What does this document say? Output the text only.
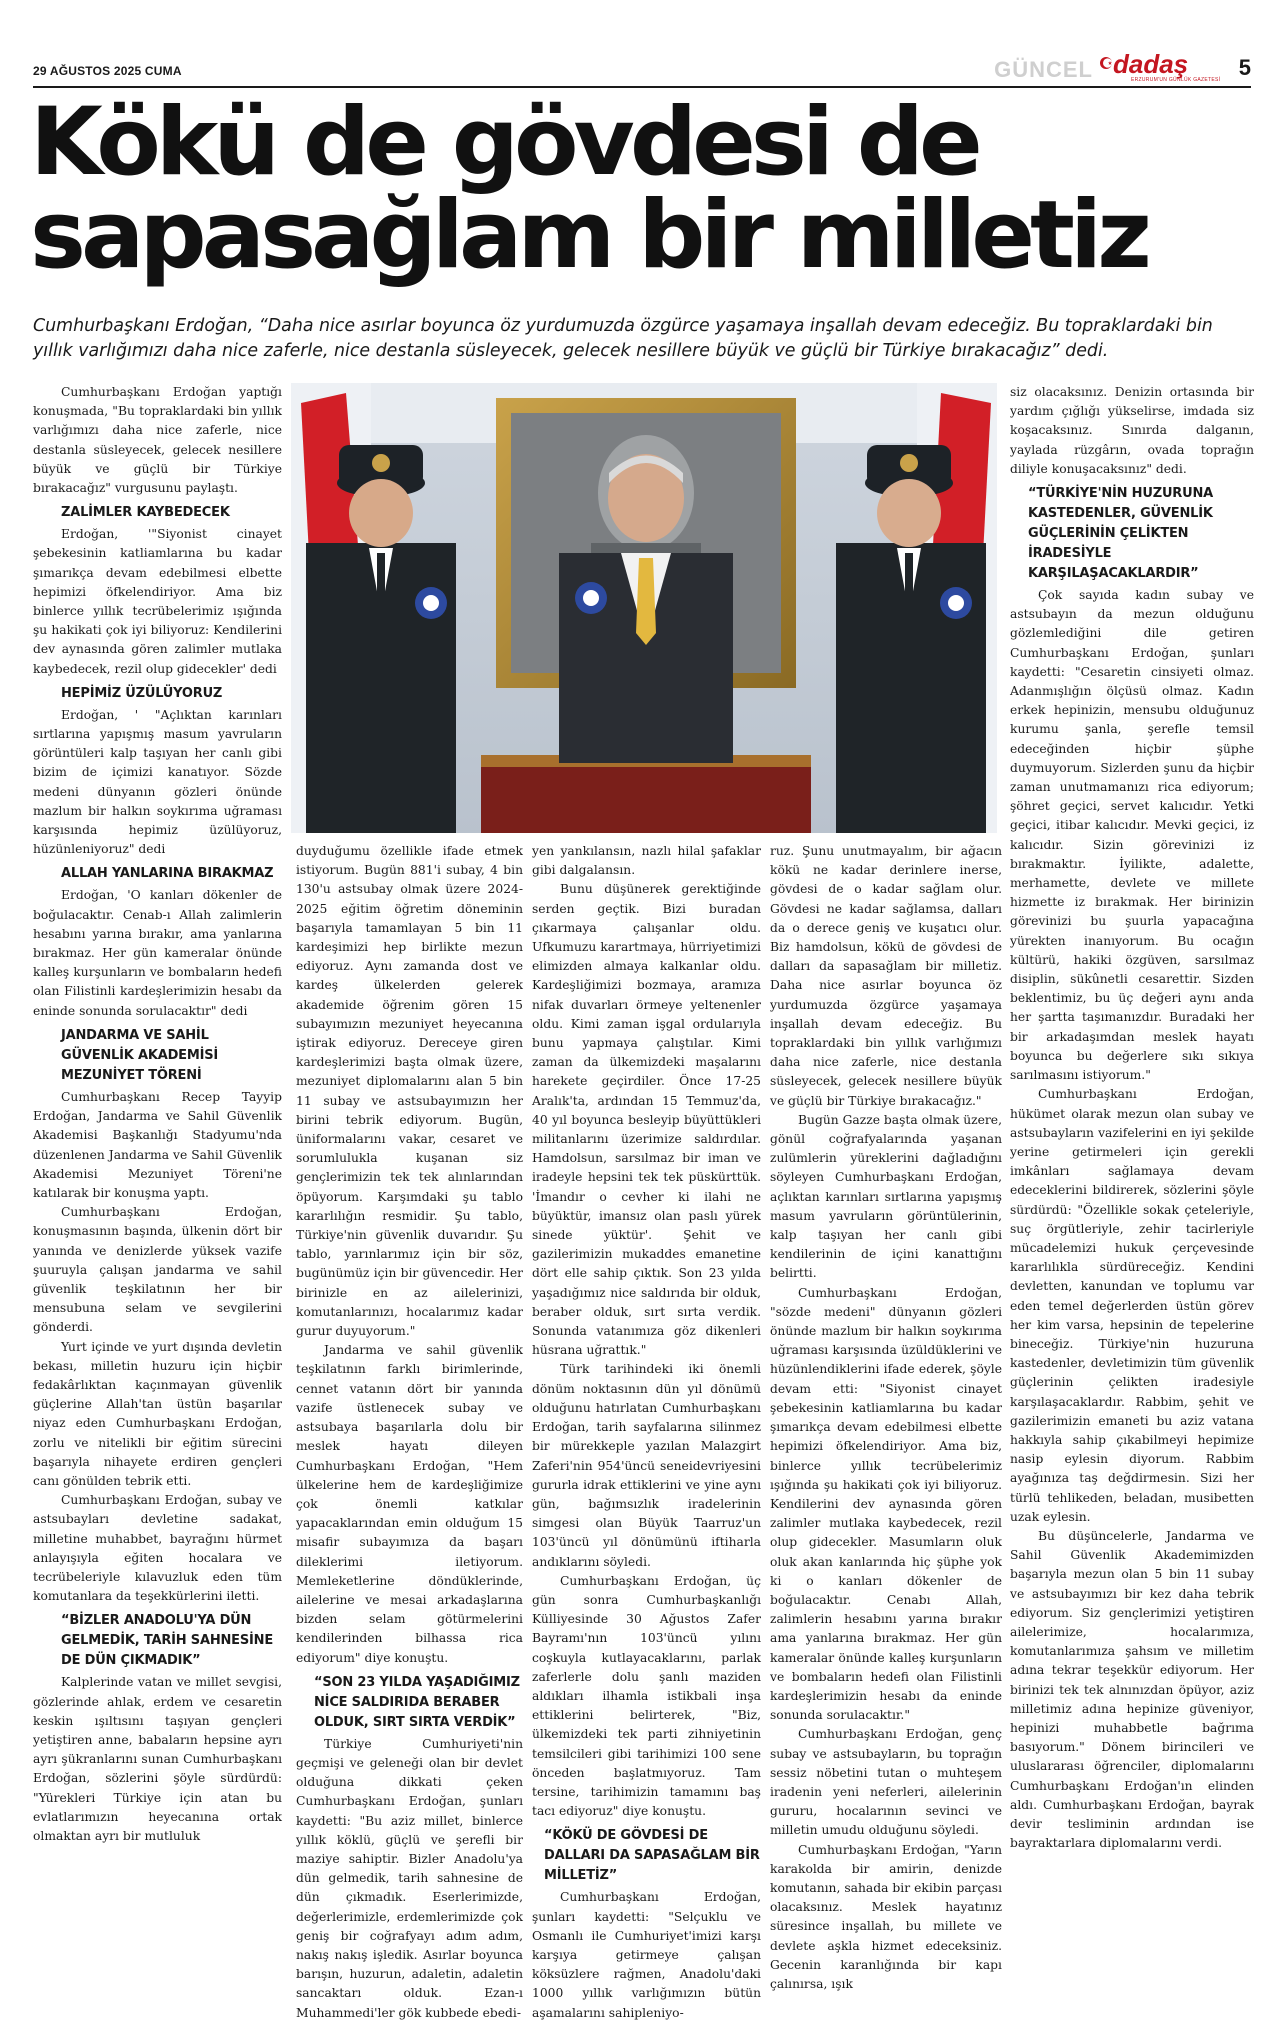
29 AĞUSTOS 2025 CUMA	GÜNCEL dadaş
ERZURUM'UN GÜNLÜK GAZETESİ 5
Kökü de gövdesi de
sapasağlam bir milletiz
Cumhurbaşkanı Erdoğan, “Daha nice asırlar boyunca öz yurdumuzda özgürce yaşamaya inşallah devam edeceğiz. Bu topraklardaki bin yıllık varlığımızı daha nice zaferle, nice destanla süsleyecek, gelecek nesillere büyük ve güçlü bir Türkiye bırakacağız” dedi.

Cumhurbaşkanı Erdoğan yaptığı konuşmada, "Bu topraklardaki bin yıllık varlığımızı daha nice zaferle, nice destanla süsleyecek, gelecek nesillere büyük ve güçlü bir Türkiye bırakacağız" vurgusunu paylaştı.

ZALİMLER KAYBEDECEK

Erdoğan, '"Siyonist cinayet şebekesinin katliamlarına bu kadar şımarıkça devam edebilmesi elbette hepimizi öfkelendiriyor. Ama biz binlerce yıllık tecrübelerimiz ışığında şu hakikati çok iyi biliyoruz: Kendilerini dev aynasında gören zalimler mutlaka kaybedecek, rezil olup gidecekler' dedi

HEPİMİZ ÜZÜLÜYORUZ

Erdoğan, ' "Açlıktan karınları sırtlarına yapışmış masum yavruların görüntüleri kalp taşıyan her canlı gibi bizim de içimizi kanatıyor. Sözde medeni dünyanın gözleri önünde mazlum bir halkın soykırıma uğraması karşısında hepimiz üzülüyoruz, hüzünleniyoruz" dedi

ALLAH YANLARINA BIRAKMAZ

Erdoğan, 'O kanları dökenler de boğulacaktır. Cenab-ı Allah zalimlerin hesabını yarına bırakır, ama yanlarına bırakmaz. Her gün kameralar önünde kalleş kurşunların ve bombaların hedefi olan Filistinli kardeşlerimizin hesabı da eninde sonunda sorulacaktır" dedi

JANDARMA VE SAHİL GÜVENLİK AKADEMİSİ MEZUNİYET TÖRENİ

Cumhurbaşkanı Recep Tayyip Erdoğan, Jandarma ve Sahil Güvenlik Akademisi Başkanlığı Stadyumu'nda düzenlenen Jandarma ve Sahil Güvenlik Akademisi Mezuniyet Töreni'ne katılarak bir konuşma yaptı.

Cumhurbaşkanı Erdoğan, konuşmasının başında, ülkenin dört bir yanında ve denizlerde yüksek vazife şuuruyla çalışan jandarma ve sahil güvenlik teşkilatının her bir mensubuna selam ve sevgilerini gönderdi.

Yurt içinde ve yurt dışında devletin bekası, milletin huzuru için hiçbir fedakârlıktan kaçınmayan güvenlik güçlerine Allah'tan üstün başarılar niyaz eden Cumhurbaşkanı Erdoğan, zorlu ve nitelikli bir eğitim sürecini başarıyla nihayete erdiren gençleri canı gönülden tebrik etti.

Cumhurbaşkanı Erdoğan, subay ve astsubayları devletine sadakat, milletine muhabbet, bayrağını hürmet anlayışıyla eğiten hocalara ve tecrübeleriyle kılavuzluk eden tüm komutanlara da teşekkürlerini iletti.

“BİZLER ANADOLU'YA DÜN GELMEDİK, TARİH SAHNESİNE DE DÜN ÇIKMADIK”

Kalplerinde vatan ve millet sevgisi, gözlerinde ahlak, erdem ve cesaretin keskin ışıltısını taşıyan gençleri yetiştiren anne, babaların hepsine ayrı ayrı şükranlarını sunan Cumhurbaşkanı Erdoğan, sözlerini şöyle sürdürdü: "Yürekleri Türkiye için atan bu evlatlarımızın heyecanına ortak olmaktan ayrı bir mutluluk

duyduğumu özellikle ifade etmek istiyorum. Bugün 881'i subay, 4 bin 130'u astsubay olmak üzere 2024-2025 eğitim öğretim döneminin başarıyla tamamlayan 5 bin 11 kardeşimizi hep birlikte mezun ediyoruz. Aynı zamanda dost ve kardeş ülkelerden gelerek akademide öğrenim gören 15 subayımızın mezuniyet heyecanına iştirak ediyoruz. Dereceye giren kardeşlerimizi başta olmak üzere, mezuniyet diplomalarını alan 5 bin 11 subay ve astsubayımızın her birini tebrik ediyorum. Bugün, üniformalarını vakar, cesaret ve sorumlulukla kuşanan siz gençlerimizin tek tek alınlarından öpüyorum. Karşımdaki şu tablo kararlılığın resmidir. Şu tablo, Türkiye'nin güvenlik duvarıdır. Şu tablo, yarınlarımız için bir söz, bugünümüz için bir güvencedir. Her birinizle en az ailelerinizi, komutanlarınızı, hocalarımız kadar gurur duyuyorum."

Jandarma ve sahil güvenlik teşkilatının farklı birimlerinde, cennet vatanın dört bir yanında vazife üstlenecek subay ve astsubaya başarılarla dolu bir meslek hayatı dileyen Cumhurbaşkanı Erdoğan, "Hem ülkelerine hem de kardeşliğimize çok önemli katkılar yapacaklarından emin olduğum 15 misafir subayımıza da başarı dileklerimi iletiyorum. Memleketlerine döndüklerinde, ailelerine ve mesai arkadaşlarına bizden selam götürmelerini kendilerinden bilhassa rica ediyorum" diye konuştu.

“SON 23 YILDA YAŞADIĞIMIZ NİCE SALDIRIDA BERABER OLDUK, SIRT SIRTA VERDİK”

Türkiye Cumhuriyeti'nin geçmişi ve geleneği olan bir devlet olduğuna dikkati çeken Cumhurbaşkanı Erdoğan, şunları kaydetti: "Bu aziz millet, binlerce yıllık köklü, güçlü ve şerefli bir maziye sahiptir. Bizler Anadolu'ya dün gelmedik, tarih sahnesine de dün çıkmadık. Eserlerimizde, değerlerimizle, erdemlerimizde çok geniş bir coğrafyayı adım adım, nakış nakış işledik. Asırlar boyunca barışın, huzurun, adaletin, adaletin sancaktarı olduk. Ezan-ı Muhammedi'ler gök kubbede ebedi-

yen yankılansın, nazlı hilal şafaklar gibi dalgalansın.

Bunu düşünerek gerektiğinde serden geçtik. Bizi buradan çıkarmaya çalışanlar oldu. Ufkumuzu karartmaya, hürriyetimizi elimizden almaya kalkanlar oldu. Kardeşliğimizi bozmaya, aramıza nifak duvarları örmeye yeltenenler oldu. Kimi zaman işgal ordularıyla bunu yapmaya çalıştılar. Kimi zaman da ülkemizdeki maşalarını harekete geçirdiler. Önce 17-25 Aralık'ta, ardından 15 Temmuz'da, 40 yıl boyunca besleyip büyüttükleri militanlarını üzerimize saldırdılar. Hamdolsun, sarsılmaz bir iman ve iradeyle hepsini tek tek püskürttük. 'İmandır o cevher ki ilahi ne büyüktür, imansız olan paslı yürek sinede yüktür'. Şehit ve gazilerimizin mukaddes emanetine dört elle sahip çıktık. Son 23 yılda yaşadığımız nice saldırıda bir olduk, beraber olduk, sırt sırta verdik. Sonunda vatanımıza göz dikenleri hüsrana uğrattık."

Türk tarihindeki iki önemli dönüm noktasının dün yıl dönümü olduğunu hatırlatan Cumhurbaşkanı Erdoğan, tarih sayfalarına silinmez bir mürekkeple yazılan Malazgirt Zaferi'nin 954'üncü seneidevriyesini gururla idrak ettiklerini ve yine aynı gün, bağımsızlık iradelerinin simgesi olan Büyük Taarruz'un 103'üncü yıl dönümünü iftiharla andıklarını söyledi.

Cumhurbaşkanı Erdoğan, üç gün sonra Cumhurbaşkanlığı Külliyesinde 30 Ağustos Zafer Bayramı'nın 103'üncü yılını coşkuyla kutlayacaklarını, parlak zaferlerle dolu şanlı maziden aldıkları ilhamla istikbali inşa ettiklerini belirterek, "Biz, ülkemizdeki tek parti zihniyetinin temsilcileri gibi tarihimizi 100 sene önceden başlatmıyoruz. Tam tersine, tarihimizin tamamını baş tacı ediyoruz" diye konuştu.

“KÖKÜ DE GÖVDESİ DE DALLARI DA SAPASAĞLAM BİR MİLLETİZ”

Cumhurbaşkanı Erdoğan, şunları kaydetti: "Selçuklu ve Osmanlı ile Cumhuriyet'imizi karşı karşıya getirmeye çalışan köksüzlere rağmen, Anadolu'daki 1000 yıllık varlığımızın bütün aşamalarını sahipleniyo-

ruz. Şunu unutmayalım, bir ağacın kökü ne kadar derinlere inerse, gövdesi de o kadar sağlam olur. Gövdesi ne kadar sağlamsa, dalları da o derece geniş ve kuşatıcı olur. Biz hamdolsun, kökü de gövdesi de dalları da sapasağlam bir milletiz. Daha nice asırlar boyunca öz yurdumuzda özgürce yaşamaya inşallah devam edeceğiz. Bu topraklardaki bin yıllık varlığımızı daha nice zaferle, nice destanla süsleyecek, gelecek nesillere büyük ve güçlü bir Türkiye bırakacağız."

Bugün Gazze başta olmak üzere, gönül coğrafyalarında yaşanan zulümlerin yüreklerini dağladığını söyleyen Cumhurbaşkanı Erdoğan, açlıktan karınları sırtlarına yapışmış masum yavruların görüntülerinin, kalp taşıyan her canlı gibi kendilerinin de içini kanattığını belirtti.

Cumhurbaşkanı Erdoğan, "sözde medeni" dünyanın gözleri önünde mazlum bir halkın soykırıma uğraması karşısında üzüldüklerini ve hüzünlendiklerini ifade ederek, şöyle devam etti: "Siyonist cinayet şebekesinin katliamlarına bu kadar şımarıkça devam edebilmesi elbette hepimizi öfkelendiriyor. Ama biz, binlerce yıllık tecrübelerimiz ışığında şu hakikati çok iyi biliyoruz. Kendilerini dev aynasında gören zalimler mutlaka kaybedecek, rezil olup gidecekler. Masumların oluk oluk akan kanlarında hiç şüphe yok ki o kanları dökenler de boğulacaktır. Cenabı Allah, zalimlerin hesabını yarına bırakır ama yanlarına bırakmaz. Her gün kameralar önünde kalleş kurşunların ve bombaların hedefi olan Filistinli kardeşlerimizin hesabı da eninde sonunda sorulacaktır."

Cumhurbaşkanı Erdoğan, genç subay ve astsubayların, bu toprağın sessiz nöbetini tutan o muhteşem iradenin yeni neferleri, ailelerinin gururu, hocalarının sevinci ve milletin umudu olduğunu söyledi.

Cumhurbaşkanı Erdoğan, "Yarın karakolda bir amirin, denizde komutanın, sahada bir ekibin parçası olacaksınız. Meslek hayatınız süresince inşallah, bu millete ve devlete aşkla hizmet edeceksiniz. Gecenin karanlığında bir kapı çalınırsa, ışık

siz olacaksınız. Denizin ortasında bir yardım çığlığı yükselirse, imdada siz koşacaksınız. Sınırda dalganın, yaylada rüzgârın, ovada toprağın diliyle konuşacaksınız" dedi.

“TÜRKİYE'NİN HUZURUNA KASTEDENLER, GÜVENLİK GÜÇLERİNİN ÇELİKTEN İRADESİYLE KARŞILAŞACAKLARDIR”

Çok sayıda kadın subay ve astsubayın da mezun olduğunu gözlemlediğini dile getiren Cumhurbaşkanı Erdoğan, şunları kaydetti: "Cesaretin cinsiyeti olmaz. Adanmışlığın ölçüsü olmaz. Kadın erkek hepinizin, mensubu olduğunuz kurumu şanla, şerefle temsil edeceğinden hiçbir şüphe duymuyorum. Sizlerden şunu da hiçbir zaman unutmamanızı rica ediyorum; şöhret geçici, servet kalıcıdır. Yetki geçici, itibar kalıcıdır. Mevki geçici, iz kalıcıdır. Sizin görevinizi iz bırakmaktır. İyilikte, adalette, merhamette, devlete ve millete hizmette iz bırakmak. Her birinizin görevinizi bu şuurla yapacağına yürekten inanıyorum. Bu ocağın kültürü, hakiki özgüven, sarsılmaz disiplin, sükûnetli cesarettir. Sizden beklentimiz, bu üç değeri aynı anda her şartta taşımanızdır. Buradaki her bir arkadaşımdan meslek hayatı boyunca bu değerlere sıkı sıkıya sarılmasını istiyorum."

Cumhurbaşkanı Erdoğan, hükümet olarak mezun olan subay ve astsubayların vazifelerini en iyi şekilde yerine getirmeleri için gerekli imkânları sağlamaya devam edeceklerini bildirerek, sözlerini şöyle sürdürdü: "Özellikle sokak çeteleriyle, suç örgütleriyle, zehir tacirleriyle mücadelemizi hukuk çerçevesinde kararlılıkla sürdüreceğiz. Kendini devletten, kanundan ve toplumu var eden temel değerlerden üstün görev her kim varsa, hepsinin de tepelerine bineceğiz. Türkiye'nin huzuruna kastedenler, devletimizin tüm güvenlik güçlerinin çelikten iradesiyle karşılaşacaklardır. Rabbim, şehit ve gazilerimizin emaneti bu aziz vatana hakkıyla sahip çıkabilmeyi hepimize nasip eylesin diyorum. Rabbim ayağınıza taş değdirmesin. Sizi her türlü tehlikeden, beladan, musibetten uzak eylesin.

Bu düşüncelerle, Jandarma ve Sahil Güvenlik Akademimizden başarıyla mezun olan 5 bin 11 subay ve astsubayımızı bir kez daha tebrik ediyorum. Siz gençlerimizi yetiştiren ailelerimize, hocalarımıza, komutanlarımıza şahsım ve milletim adına tekrar teşekkür ediyorum. Her birinizi tek tek alnınızdan öpüyor, aziz milletimiz adına hepinize güveniyor, hepinizi muhabbetle bağrıma basıyorum." Dönem birincileri ve uluslararası öğrenciler, diplomalarını Cumhurbaşkanı Erdoğan'ın elinden aldı. Cumhurbaşkanı Erdoğan, bayrak devir tesliminin ardından ise bayraktarlara diplomalarını verdi.
